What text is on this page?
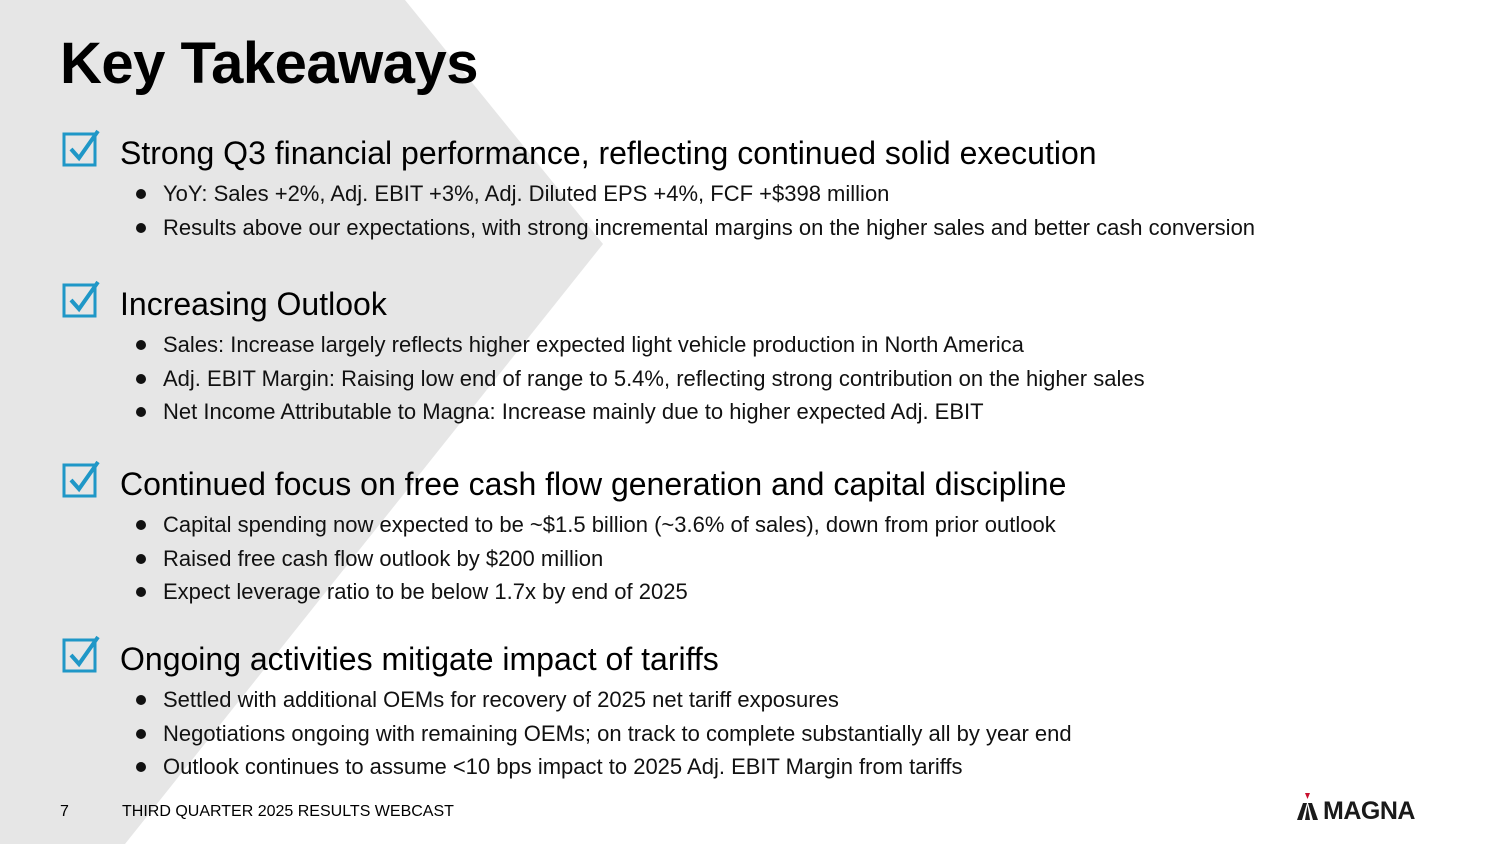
Key Takeaways
Strong Q3 financial performance, reflecting continued solid execution
YoY: Sales +2%, Adj. EBIT +3%, Adj. Diluted EPS +4%, FCF +$398 million
Results above our expectations, with strong incremental margins on the higher sales and better cash conversion
Increasing Outlook
Sales: Increase largely reflects higher expected light vehicle production in North America
Adj. EBIT Margin: Raising low end of range to 5.4%, reflecting strong contribution on the higher sales
Net Income Attributable to Magna: Increase mainly due to higher expected Adj. EBIT
Continued focus on free cash flow generation and capital discipline
Capital spending now expected to be ~$1.5 billion (~3.6% of sales), down from prior outlook
Raised free cash flow outlook by $200 million
Expect leverage ratio to be below 1.7x by end of 2025
Ongoing activities mitigate impact of tariffs
Settled with additional OEMs for recovery of 2025 net tariff exposures
Negotiations ongoing with remaining OEMs; on track to complete substantially all by year end
Outlook continues to assume <10 bps impact to 2025 Adj. EBIT Margin from tariffs
7	THIRD QUARTER 2025 RESULTS WEBCAST	MAGNA
